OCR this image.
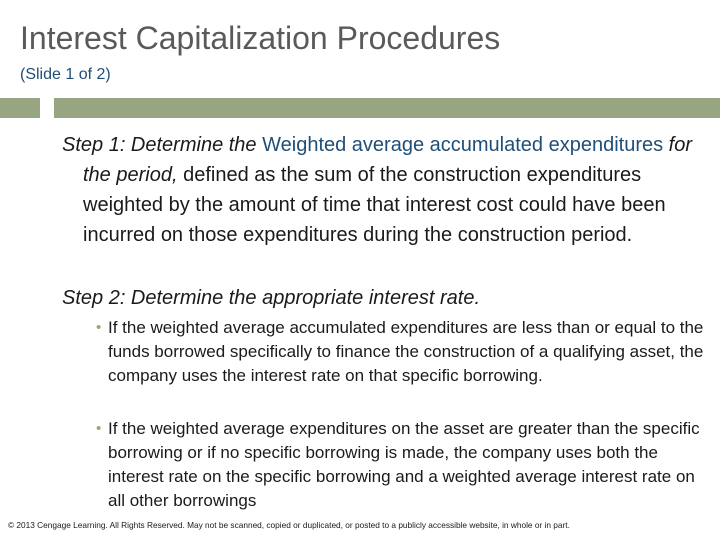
Interest Capitalization Procedures
(Slide 1 of 2)

Step 1: Determine the Weighted average accumulated expenditures for the period, defined as the sum of the construction expenditures weighted by the amount of time that interest cost could have been incurred on those expenditures during the construction period.

Step 2: Determine the appropriate interest rate.

• If the weighted average accumulated expenditures are less than or equal to the funds borrowed specifically to finance the construction of a qualifying asset, the company uses the interest rate on that specific borrowing.
• If the weighted average expenditures on the asset are greater than the specific borrowing or if no specific borrowing is made, the company uses both the interest rate on the specific borrowing and a weighted average interest rate on all other borrowings
© 2013 Cengage Learning. All Rights Reserved. May not be scanned, copied or duplicated, or posted to a publicly accessible website, in whole or in part.
